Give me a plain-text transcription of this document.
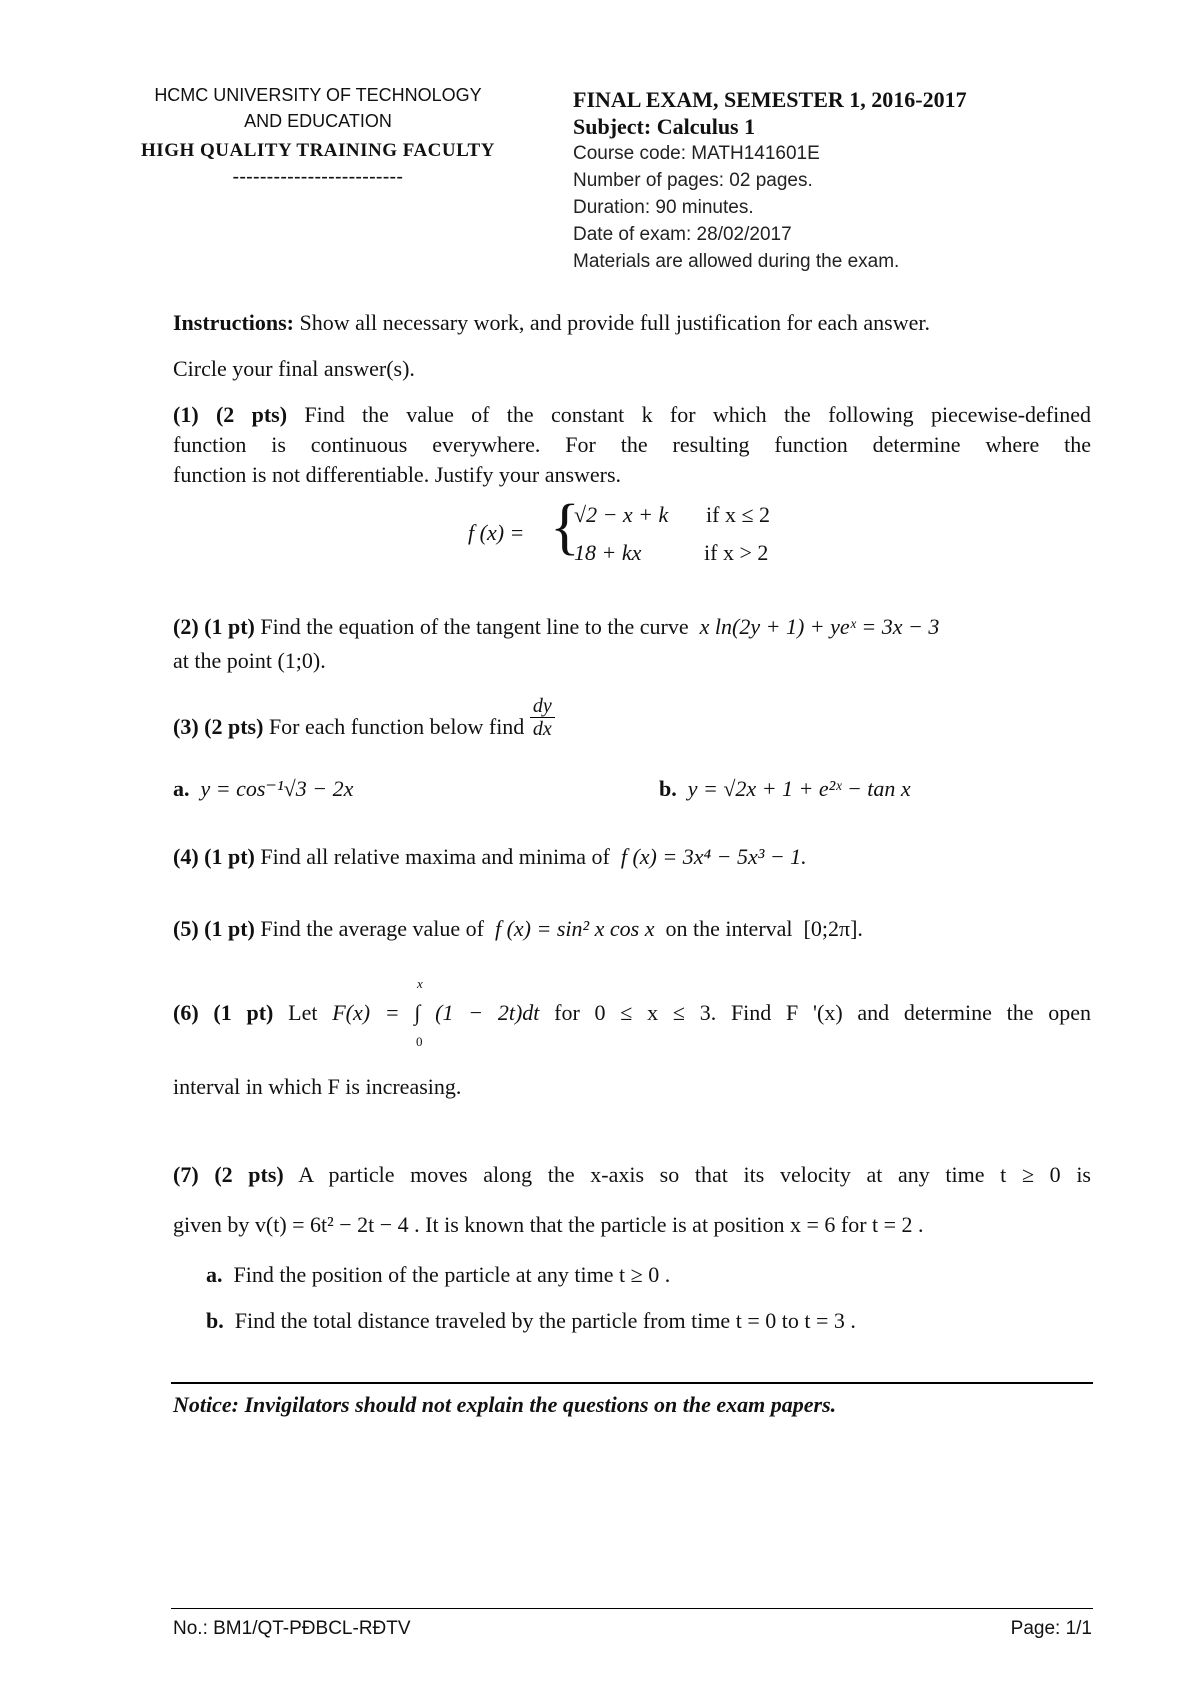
HCMC UNIVERSITY OF TECHNOLOGY
AND EDUCATION
HIGH QUALITY TRAINING FACULTY
-------------------------
FINAL EXAM, SEMESTER 1, 2016-2017
Subject: Calculus 1
Course code: MATH141601E
Number of pages: 02 pages.
Duration: 90 minutes.
Date of exam: 28/02/2017
Materials are allowed during the exam.
Instructions: Show all necessary work, and provide full justification for each answer.
Circle your final answer(s).
(1) (2 pts) Find the value of the constant k for which the following piecewise-defined
function is continuous everywhere. For the resulting function determine where the
function is not differentiable. Justify your answers.
f (x) = {
√2 − x + k if x ≤ 2
18 + kx	if x > 2
(2) (1 pt) Find the equation of the tangent line to the curve x ln(2y + 1) + yeˣ = 3x − 3
at the point (1;0).
(3) (2 pts) For each function below find $\frac{dy}{dx}$
a. y = cos⁻¹√3 − 2x	b. y = √2x + 1 + e²ˣ − tan x
(4) (1 pt) Find all relative maxima and minima of f (x) = 3x⁴ − 5x³ − 1.
(5) (1 pt) Find the average value of f (x) = sin² x cos x on the interval [0;2π].
x
(6) (1 pt) Let F(x) = ∫ (1 − 2t)dt for 0 ≤ x ≤ 3. Find F '(x) and determine the open
0
interval in which F is increasing.
(7) (2 pts) A particle moves along the x-axis so that its velocity at any time t ≥ 0 is
given by v(t) = 6t² − 2t − 4 . It is known that the particle is at position x = 6 for t = 2 .
a. Find the position of the particle at any time t ≥ 0 .
b. Find the total distance traveled by the particle from time t = 0 to t = 3 .
Notice: Invigilators should not explain the questions on the exam papers.
No.: BM1/QT-PĐBCL-RĐTV	Page: 1/1
